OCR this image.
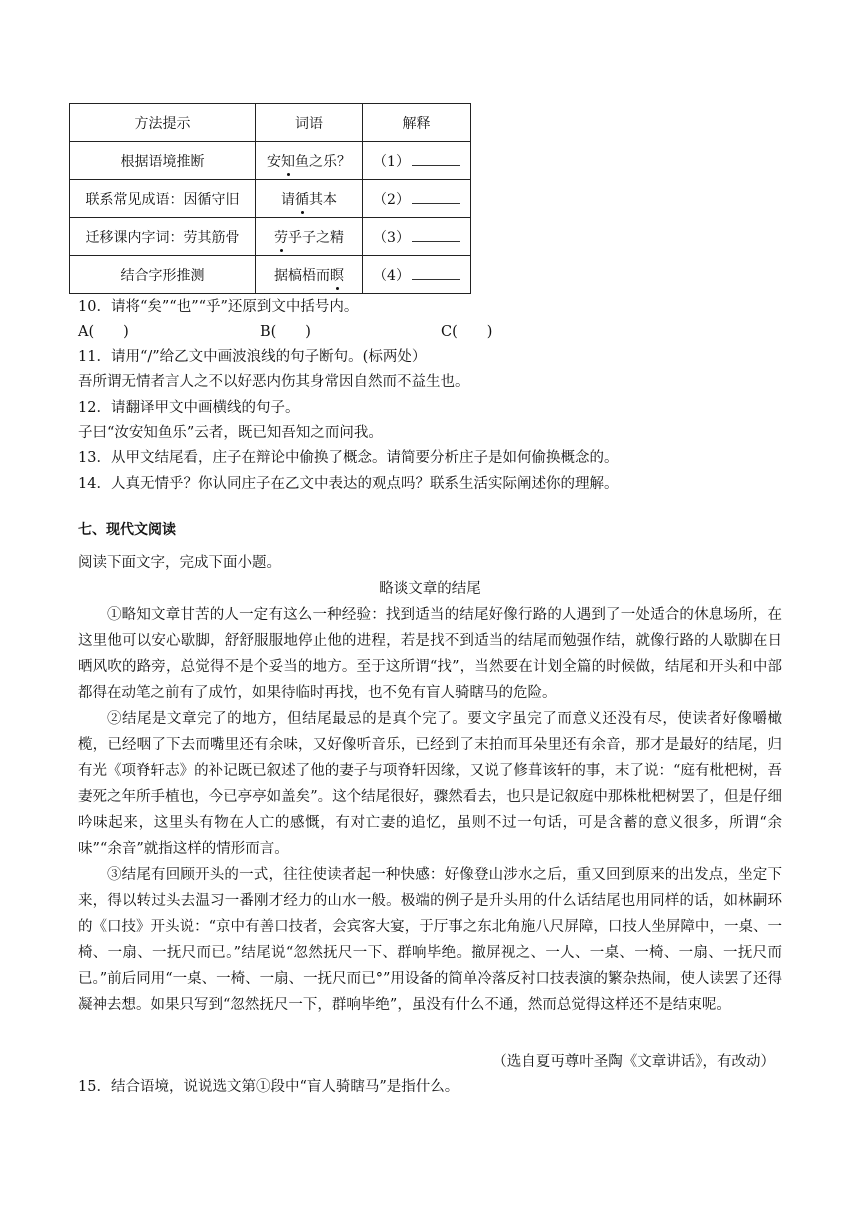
方法提示	词语	解释
根据语境推断	安知鱼之乐？	（1）
联系常见成语：因循守旧	请循其本	（2）
迁移课内字词：劳其筋骨	劳乎子之精	（3）
结合字形推测	据槁梧而瞑	（4）
10．请将“矣”“也”“乎”还原到文中括号内。
A(　　)	B(　　)	C(　　)
11．请用“/”给乙文中画波浪线的句子断句。(标两处）
吾所谓无情者言人之不以好恶内伤其身常因自然而不益生也。
12．请翻译甲文中画横线的句子。
子曰“汝安知鱼乐”云者，既已知吾知之而问我。
13．从甲文结尾看，庄子在辩论中偷换了概念。请简要分析庄子是如何偷换概念的。
14．人真无情乎？你认同庄子在乙文中表达的观点吗？联系生活实际阐述你的理解。
七、现代文阅读
阅读下面文字，完成下面小题。
略谈文章的结尾

①略知文章甘苦的人一定有这么一种经验：找到适当的结尾好像行路的人遇到了一处适合的休息场所，在这里他可以安心歇脚，舒舒服服地停止他的进程，若是找不到适当的结尾而勉强作结，就像行路的人歇脚在日晒风吹的路旁，总觉得不是个妥当的地方。至于这所谓“找”，当然要在计划全篇的时候做，结尾和开头和中部都得在动笔之前有了成竹，如果待临时再找，也不免有盲人骑瞎马的危险。

②结尾是文章完了的地方，但结尾最忌的是真个完了。要文字虽完了而意义还没有尽，使读者好像嚼橄榄，已经咽了下去而嘴里还有余味，又好像听音乐，已经到了末拍而耳朵里还有余音，那才是最好的结尾，归有光《项脊轩志》的补记既已叙述了他的妻子与项脊轩因缘，又说了修葺该轩的事，末了说：“庭有枇杷树，吾妻死之年所手植也，今已亭亭如盖矣”。这个结尾很好，骤然看去，也只是记叙庭中那株枇杷树罢了，但是仔细吟味起来，这里头有物在人亡的感慨，有对亡妻的追忆，虽则不过一句话，可是含蓄的意义很多，所谓“余味”“余音”就指这样的情形而言。

③结尾有回顾开头的一式，往往使读者起一种快感：好像登山涉水之后，重又回到原来的出发点，坐定下来，得以转过头去温习一番刚才经力的山水一般。极端的例子是升头用的什么话结尾也用同样的话，如林嗣环的《口技》开头说：“京中有善口技者，会宾客大宴，于厅事之东北角施八尺屏障，口技人坐屏障中，一桌、一椅、一扇、一抚尺而已。”结尾说“忽然抚尺一下、群响毕绝。撤屏视之、一人、一桌、一椅、一扇、一抚尺而已。”前后同用“一桌、一椅、一扇、一抚尺而已°”用设备的简单冷落反衬口技表演的繁杂热闹，使人读罢了还得凝神去想。如果只写到“忽然抚尺一下，群响毕绝”，虽没有什么不通，然而总觉得这样还不是结束呢。

（选自夏丏尊叶圣陶《文章讲话》，有改动）
15．结合语境，说说选文第①段中“盲人骑瞎马”是指什么。
